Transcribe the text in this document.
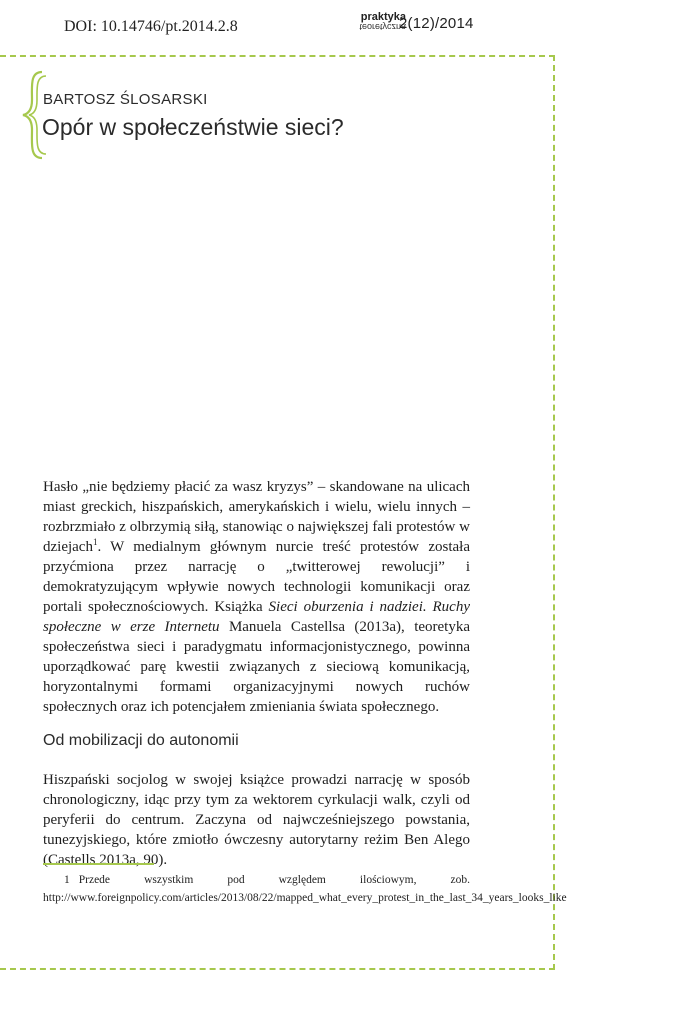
DOI: 10.14746/pt.2014.2.8
praktyka
teoretyczna
2(12)/2014
BARTOSZ ŚLOSARSKI
Opór w społeczeństwie sieci?

Hasło „nie będziemy płacić za wasz kryzys” – skandowane na ulicach miast greckich, hiszpańskich, amerykańskich i wielu, wielu innych – rozbrzmiało z olbrzymią siłą, stanowiąc o największej fali protestów w dziejach$^1$. W medialnym głównym nurcie treść protestów została przyćmiona przez narrację o „twitterowej rewolucji” i demokratyzującym wpływie nowych technologii komunikacji oraz portali społecznościowych. Książka Sieci oburzenia i nadziei. Ruchy społeczne w erze Internetu Manuela Castellsa (2013a), teoretyka społeczeństwa sieci i paradygmatu informacjonistycznego, powinna uporządkować parę kwestii związanych z sieciową komunikacją, horyzontalnymi formami organizacyjnymi nowych ruchów społecznych oraz ich potencjałem zmieniania świata społecznego.

Od mobilizacji do autonomii

Hiszpański socjolog w swojej książce prowadzi narrację w sposób chronologiczny, idąc przy tym za wektorem cyrkulacji walk, czyli od peryferii do centrum. Zaczyna od najwcześniejszego powstania, tunezyjskiego, które zmiotło ówczesny autorytarny reżim Ben Alego (Castells 2013a, 90).

1 Przede wszystkim pod względem ilościowym, zob. http://www.foreignpolicy.com/articles/2013/08/22/mapped_what_every_protest_in_the_last_34_years_looks_like
